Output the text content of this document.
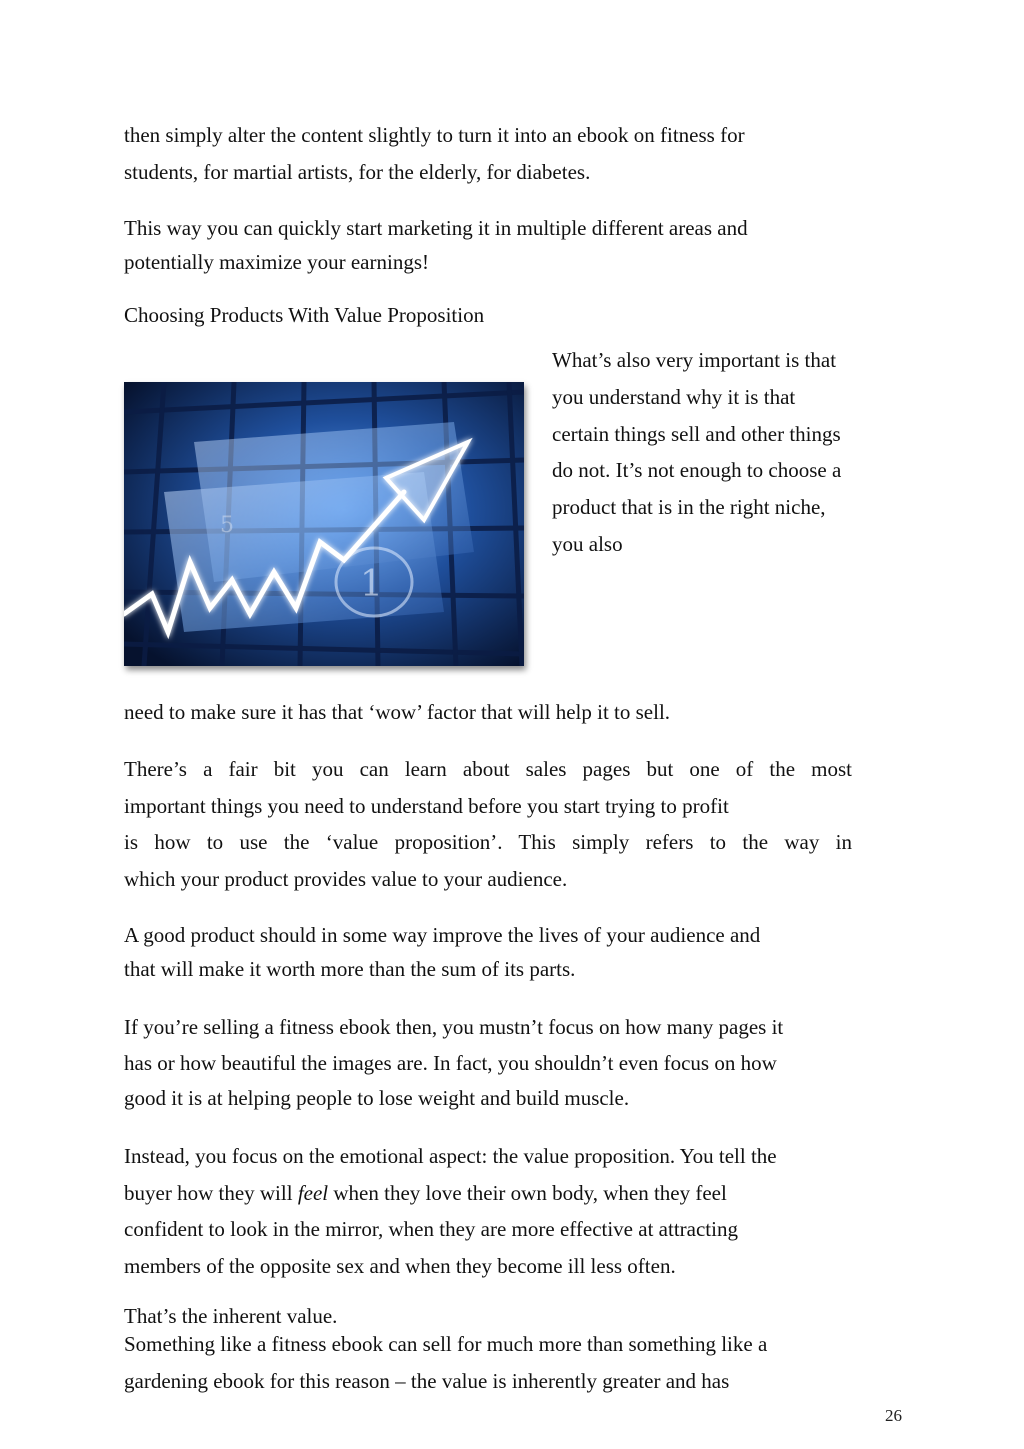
then simply alter the content slightly to turn it into an ebook on fitness for
students, for martial artists, for the elderly, for diabetes.

This way you can quickly start marketing it in multiple different areas and
potentially maximize your earnings!

Choosing Products With Value Proposition

What’s also very important is that
you understand why it is that
certain things sell and other things
do not. It’s not enough to choose a
product that is in the right niche,
you also

1
5

need to make sure it has that ‘wow’ factor that will help it to sell.

There’s a fair bit you can learn about sales pages but one of the most
important things you need to understand before you start trying to profit
is how to use the ‘value proposition’. This simply refers to the way in
which your product provides value to your audience.

A good product should in some way improve the lives of your audience and
that will make it worth more than the sum of its parts.

If you’re selling a fitness ebook then, you mustn’t focus on how many pages it
has or how beautiful the images are. In fact, you shouldn’t even focus on how
good it is at helping people to lose weight and build muscle.

Instead, you focus on the emotional aspect: the value proposition. You tell the
buyer how they will feel when they love their own body, when they feel
confident to look in the mirror, when they are more effective at attracting
members of the opposite sex and when they become ill less often.

That’s the inherent value.

Something like a fitness ebook can sell for much more than something like a
gardening ebook for this reason – the value is inherently greater and has

26
